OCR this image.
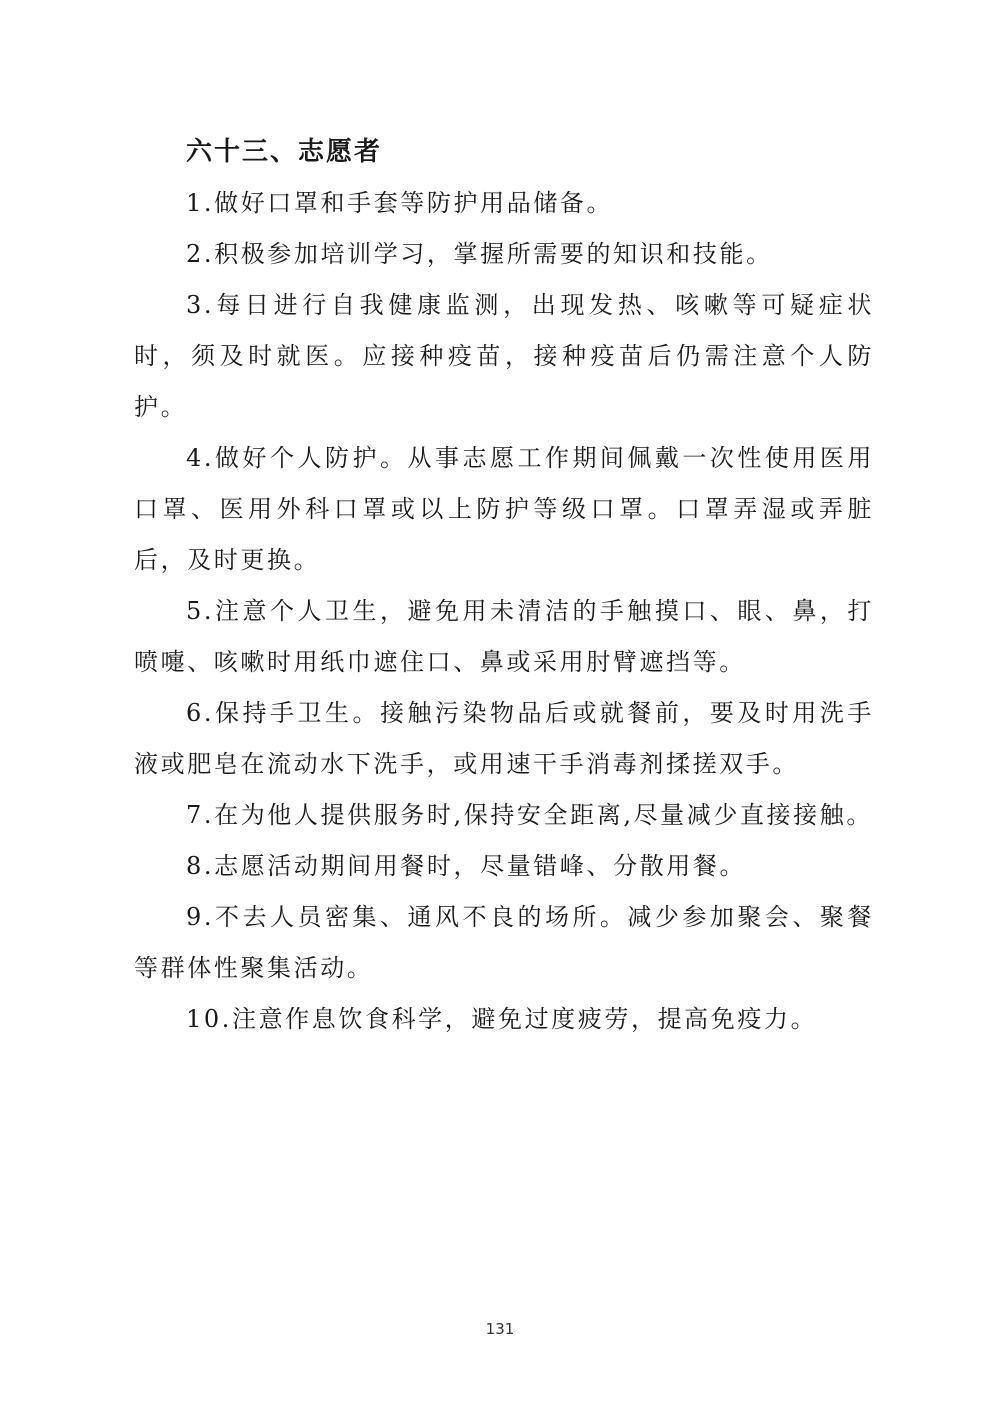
六十三、志愿者

1.做好口罩和手套等防护用品储备。

2.积极参加培训学习，掌握所需要的知识和技能。

3.每日进行自我健康监测，出现发热、咳嗽等可疑症状时，须及时就医。应接种疫苗，接种疫苗后仍需注意个人防护。

4.做好个人防护。从事志愿工作期间佩戴一次性使用医用口罩、医用外科口罩或以上防护等级口罩。口罩弄湿或弄脏后，及时更换。

5.注意个人卫生，避免用未清洁的手触摸口、眼、鼻，打喷嚏、咳嗽时用纸巾遮住口、鼻或采用肘臂遮挡等。

6.保持手卫生。接触污染物品后或就餐前，要及时用洗手液或肥皂在流动水下洗手，或用速干手消毒剂揉搓双手。

7.在为他人提供服务时,保持安全距离,尽量减少直接接触。

8.志愿活动期间用餐时，尽量错峰、分散用餐。

9.不去人员密集、通风不良的场所。减少参加聚会、聚餐等群体性聚集活动。

10.注意作息饮食科学，避免过度疲劳，提高免疫力。

131
